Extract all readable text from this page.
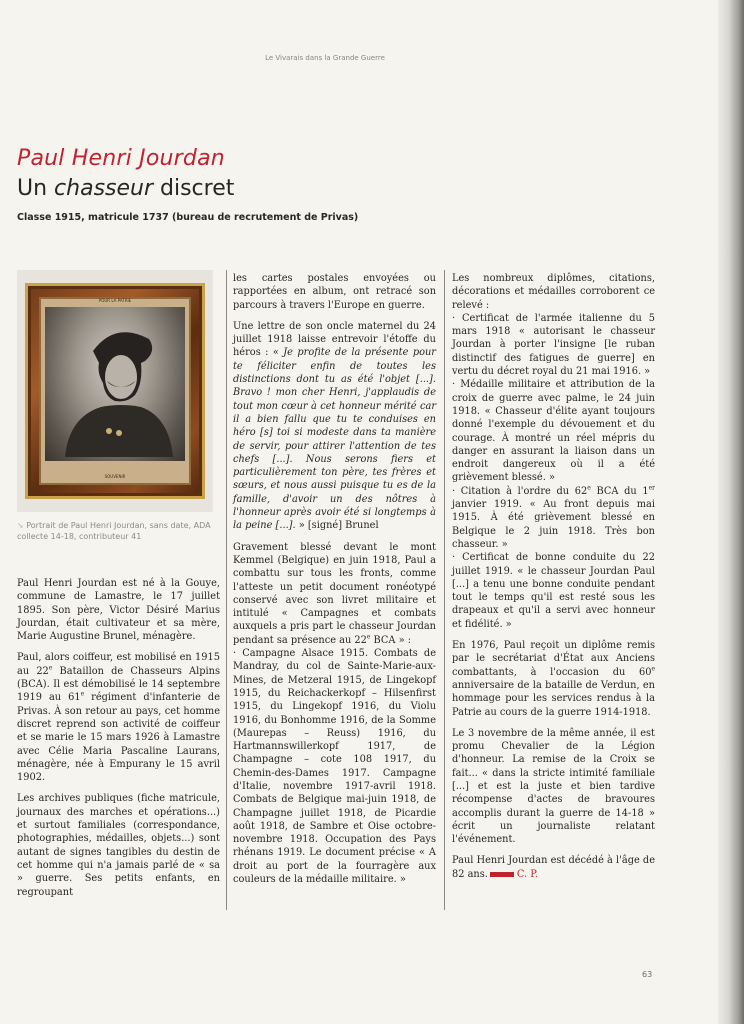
Le Vivarais dans la Grande Guerre
Paul Henri Jourdan
Un chasseur discret
Classe 1915, matricule 1737 (bureau de recrutement de Privas)
POUR LA PATRIE
SOUVENIR
➘ Portrait de Paul Henri Jourdan, sans date, ADA collecte 14-18, contributeur 41

Paul Henri Jourdan est né à la Gouye, commune de Lamastre, le 17 juillet 1895. Son père, Victor Désiré Marius Jourdan, était cultivateur et sa mère, Marie Augustine Brunel, ménagère.

Paul, alors coiffeur, est mobilisé en 1915 au 22e Bataillon de Chasseurs Alpins (BCA). Il est démobilisé le 14 septembre 1919 au 61e régiment d'infanterie de Privas. À son retour au pays, cet homme discret reprend son activité de coiffeur et se marie le 15 mars 1926 à Lamastre avec Célie Maria Pascaline Laurans, ménagère, née à Empurany le 15 avril 1902.

Les archives publiques (fiche matricule, journaux des marches et opérations...) et surtout familiales (correspondance, photographies, médailles, objets...) sont autant de signes tangibles du destin de cet homme qui n'a jamais parlé de « sa » guerre. Ses petits enfants, en regroupant

les cartes postales envoyées ou rapportées en album, ont retracé son parcours à travers l'Europe en guerre.

Une lettre de son oncle maternel du 24 juillet 1918 laisse entrevoir l'étoffe du héros : « Je profite de la présente pour te féliciter enfin de toutes les distinctions dont tu as été l'objet [...]. Bravo ! mon cher Henri, j'applaudis de tout mon cœur à cet honneur mérité car il a bien fallu que tu te conduises en héro [s] toi si modeste dans ta manière de servir, pour attirer l'attention de tes chefs [...]. Nous serons fiers et particulièrement ton père, tes frères et sœurs, et nous aussi puisque tu es de la famille, d'avoir un des nôtres à l'honneur après avoir été si longtemps à la peine [...]. » [signé] Brunel

Gravement blessé devant le mont Kemmel (Belgique) en juin 1918, Paul a combattu sur tous les fronts, comme l'atteste un petit document ronéotypé conservé avec son livret militaire et intitulé « Campagnes et combats auxquels a pris part le chasseur Jourdan pendant sa présence au 22e BCA » :

· Campagne Alsace 1915. Combats de Mandray, du col de Sainte-Marie-aux-Mines, de Metzeral 1915, de Lingekopf 1915, du Reichackerkopf – Hilsenfirst 1915, du Lingekopf 1916, du Violu 1916, du Bonhomme 1916, de la Somme (Maurepas – Reuss) 1916, du Hartmannswillerkopf 1917, de Champagne – cote 108 1917, du Chemin-des-Dames 1917. Campagne d'Italie, novembre 1917-avril 1918. Combats de Belgique mai-juin 1918, de Champagne juillet 1918, de Picardie août 1918, de Sambre et Oise octobre-novembre 1918. Occupation des Pays rhénans 1919. Le document précise « A droit au port de la fourragère aux couleurs de la médaille militaire. »

Les nombreux diplômes, citations, décorations et médailles corroborent ce relevé :

· Certificat de l'armée italienne du 5 mars 1918 « autorisant le chasseur Jourdan à porter l'insigne [le ruban distinctif des fatigues de guerre] en vertu du décret royal du 21 mai 1916. »

· Médaille militaire et attribution de la croix de guerre avec palme, le 24 juin 1918. « Chasseur d'élite ayant toujours donné l'exemple du dévouement et du courage. À montré un réel mépris du danger en assurant la liaison dans un endroit dangereux où il a été grièvement blessé. »

· Citation à l'ordre du 62e BCA du 1er janvier 1919. « Au front depuis mai 1915. À été grièvement blessé en Belgique le 2 juin 1918. Très bon chasseur. »

· Certificat de bonne conduite du 22 juillet 1919. « le chasseur Jourdan Paul [...] a tenu une bonne conduite pendant tout le temps qu'il est resté sous les drapeaux et qu'il a servi avec honneur et fidélité. »

En 1976, Paul reçoit un diplôme remis par le secrétariat d'État aux Anciens combattants, à l'occasion du 60e anniversaire de la bataille de Verdun, en hommage pour les services rendus à la Patrie au cours de la guerre 1914-1918.

Le 3 novembre de la même année, il est promu Chevalier de la Légion d'honneur. La remise de la Croix se fait... « dans la stricte intimité familiale [...] et est la juste et bien tardive récompense d'actes de bravoures accomplis durant la guerre de 14-18 » écrit un journaliste relatant l'événement.

Paul Henri Jourdan est décédé à l'âge de 82 ans.	C. P.

63
